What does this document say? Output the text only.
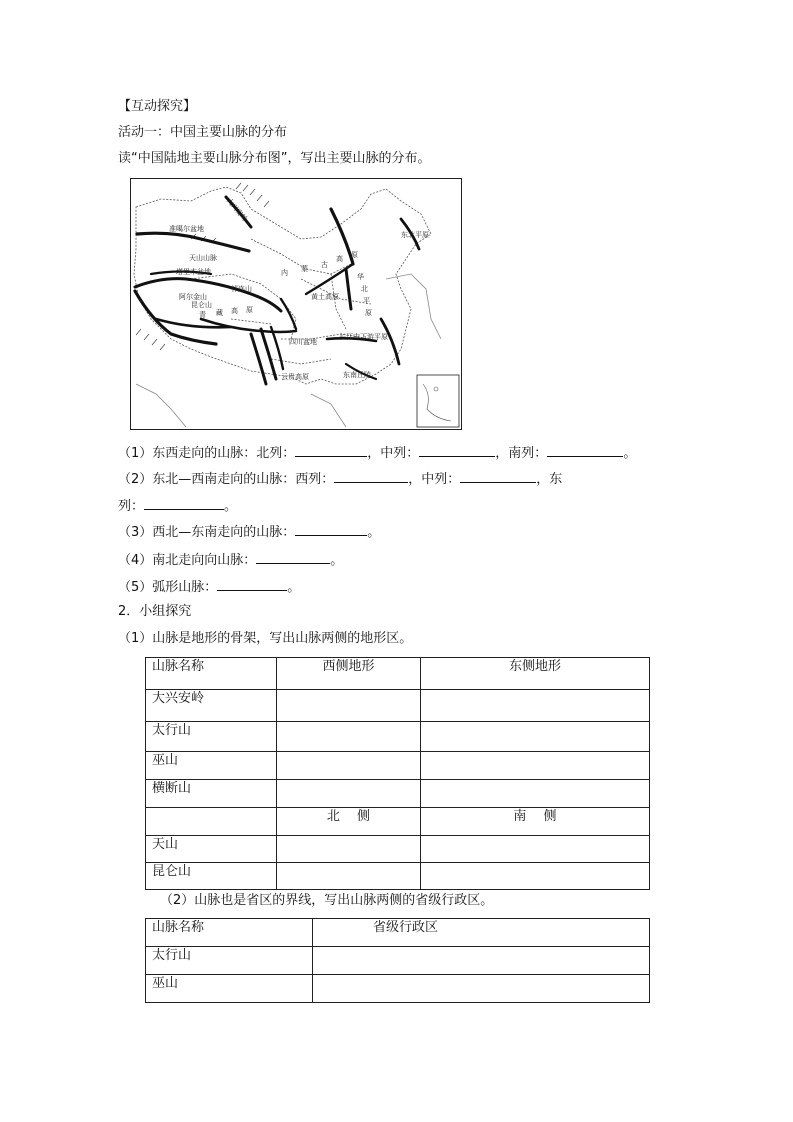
【互动探究】
活动一：中国主要山脉的分布
读“中国陆地主要山脉分布图”，写出主要山脉的分布。
大兴安岭
准噶尔盆地
东北平原
天山山脉
塔里木盆地	内 蒙 古
高 原
祁连山
阿尔金山
昆仑山
黄土高原
华
北
平
原
青 藏 高 原
四川盆地
长江中下游平原
云贵高原	东南丘陵
（1）东西走向的山脉：北列：	，中列：	，南列：	。
（2）东北—西南走向的山脉：西列：	，中列：	，东
列：	。
（3）西北—东南走向的山脉：	。
（4）南北走向向山脉：	。
（5）弧形山脉：	。
2．小组探究
（1）山脉是地形的骨架，写出山脉两侧的地形区。
山脉名称	西侧地形	东侧地形
大兴安岭		
太行山		
巫山		
横断山		
	北　 侧	南　 侧
天山		
昆仑山		
（2）山脉也是省区的界线，写出山脉两侧的省级行政区。
山脉名称	省级行政区
太行山	
巫山	
